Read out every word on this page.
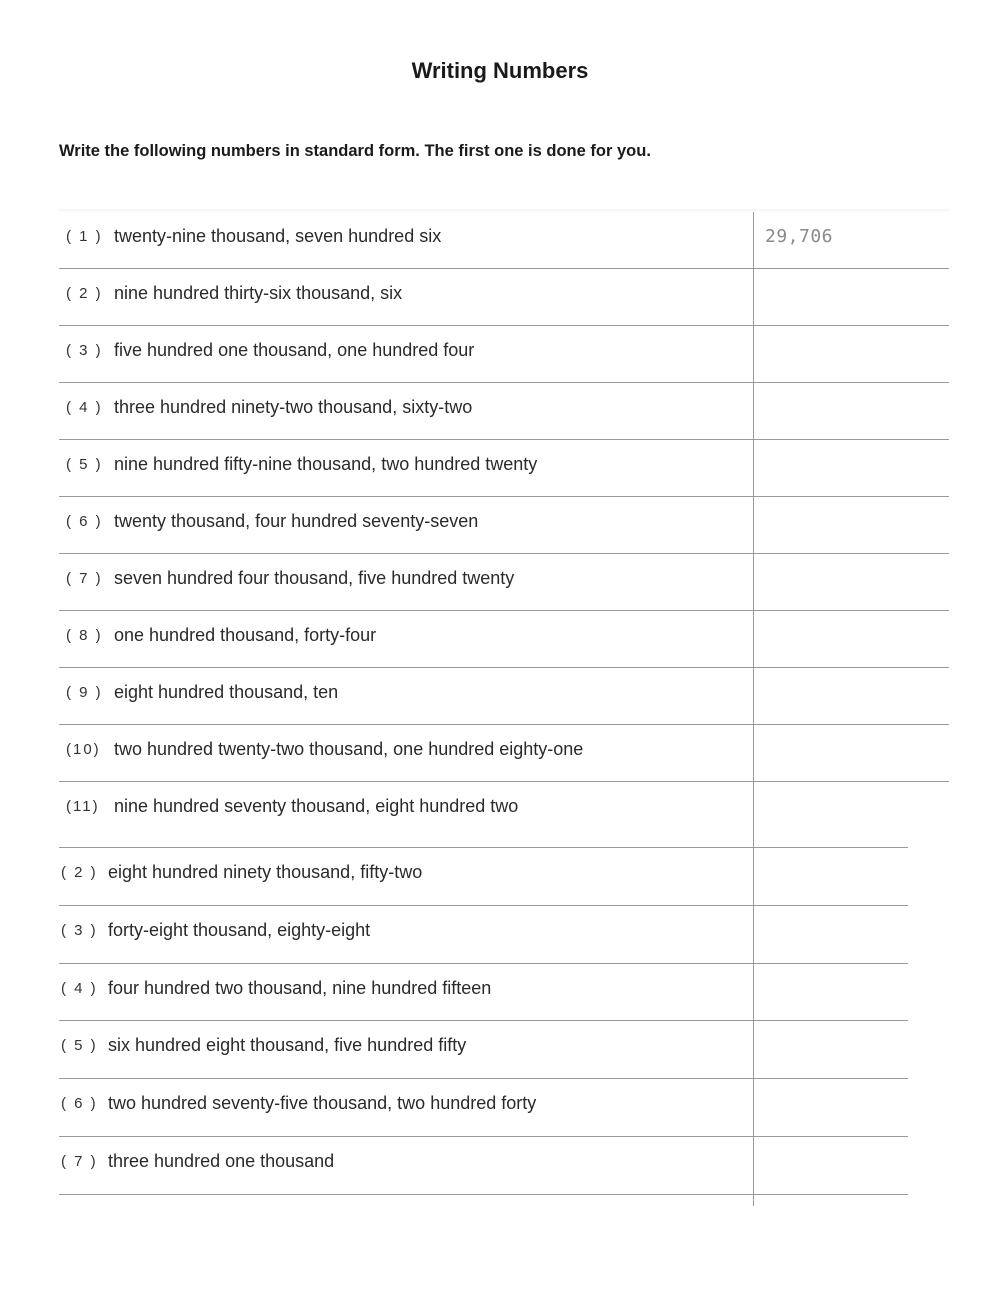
Writing Numbers
Write the following numbers in standard form. The first one is done for you.
( 1 ) twenty-nine thousand, seven hundred six	29,706
( 2 ) nine hundred thirty-six thousand, six
( 3 ) five hundred one thousand, one hundred four
( 4 ) three hundred ninety-two thousand, sixty-two
( 5 ) nine hundred fifty-nine thousand, two hundred twenty
( 6 ) twenty thousand, four hundred seventy-seven
( 7 ) seven hundred four thousand, five hundred twenty
( 8 ) one hundred thousand, forty-four
( 9 ) eight hundred thousand, ten
(10) two hundred twenty-two thousand, one hundred eighty-one
(11) nine hundred seventy thousand, eight hundred two
( 2 ) eight hundred ninety thousand, fifty-two
( 3 ) forty-eight thousand, eighty-eight
( 4 ) four hundred two thousand, nine hundred fifteen
( 5 ) six hundred eight thousand, five hundred fifty
( 6 ) two hundred seventy-five thousand, two hundred forty
( 7 ) three hundred one thousand
